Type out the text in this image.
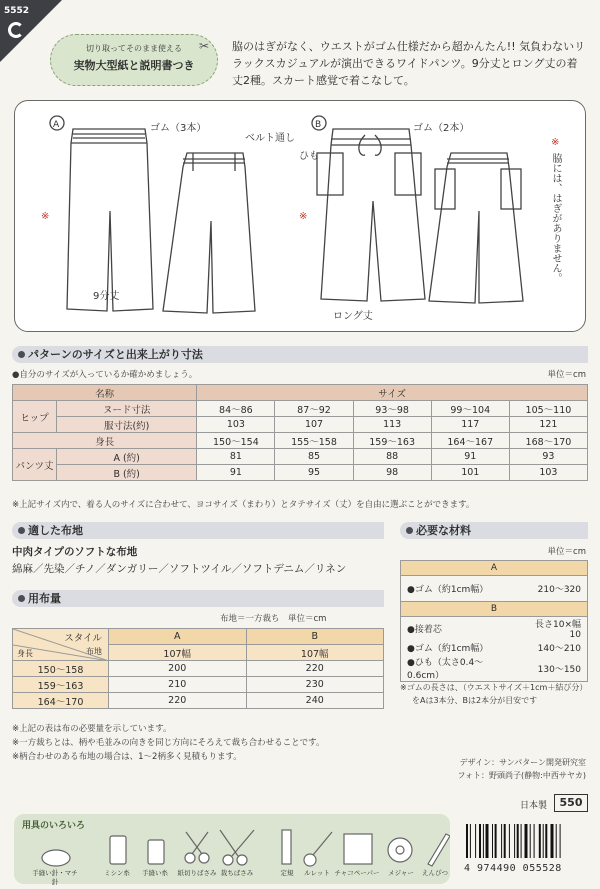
5552
✂
切り取ってそのまま使える
実物大型紙と説明書つき
脇のはぎがなく、ウエストがゴム仕様だから超かんたん!! 気負わないリラックスカジュアルが演出できるワイドパンツ。9分丈とロング丈の着丈2種。スカート感覚で着こなして。
A	B
ゴム（3本）
ベルト通し
9分丈
ゴム（2本）
ひも
ロング丈
※	※
※
脇には、はぎがありません。
パターンのサイズと出来上がり寸法
●自分のサイズが入っているか確かめましょう。	単位＝cm
名称		サイズ				
ヒップ	ヌード寸法	84〜86	87〜92	93〜98	99〜104	105〜110
	服寸法(約)	103	107	113	117	121
身長		150〜154	155〜158	159〜163	164〜167	168〜170
パンツ丈	A (約)	81	85	88	91	93
	B (約)	91	95	98	101	103
※上記サイズ内で、着る人のサイズに合わせて、ヨコサイズ（まわり）とタテサイズ（丈）を自由に選ぶことができます。
適した布地
中肉タイプのソフトな布地
綿麻／先染／チノ／ダンガリー／ソフトツイル／ソフトデニム／リネン
用布量
布地＝一方裁ち　単位＝cm
スタイル
布地
身長	A	B
	107幅	107幅
150〜158	200	220
159〜163	210	230
164〜170	220	240
※上記の表は布の必要量を示しています。
※一方裁ちとは、柄や毛並みの向きを同じ方向にそろえて裁ち合わせることです。
※柄合わせのある布地の場合は、1〜2柄多く見積もります。
必要な材料
単位＝cm
A	
●ゴム（約1cm幅）	210〜320
B	
●接着芯	長さ10×幅10
●ゴム（約1cm幅）	140〜210
●ひも（太さ0.4〜0.6cm）	130〜150
※ゴムの長さは、（ウエストサイズ＋1cm＋結び分）
をAは3本分、Bは2本分が目安です
デザイン：サンパターン開発研究室
フォト：野頭尚子(静物:中西サヤカ)
日本製	550
用具のいろいろ
手縫い針・マチ針
ミシン糸	手縫い糸	紙切りばさみ 裁ちばさみ	定規	ルレット チャコペーパー	メジャー	えんぴつ	4 974490 055528
